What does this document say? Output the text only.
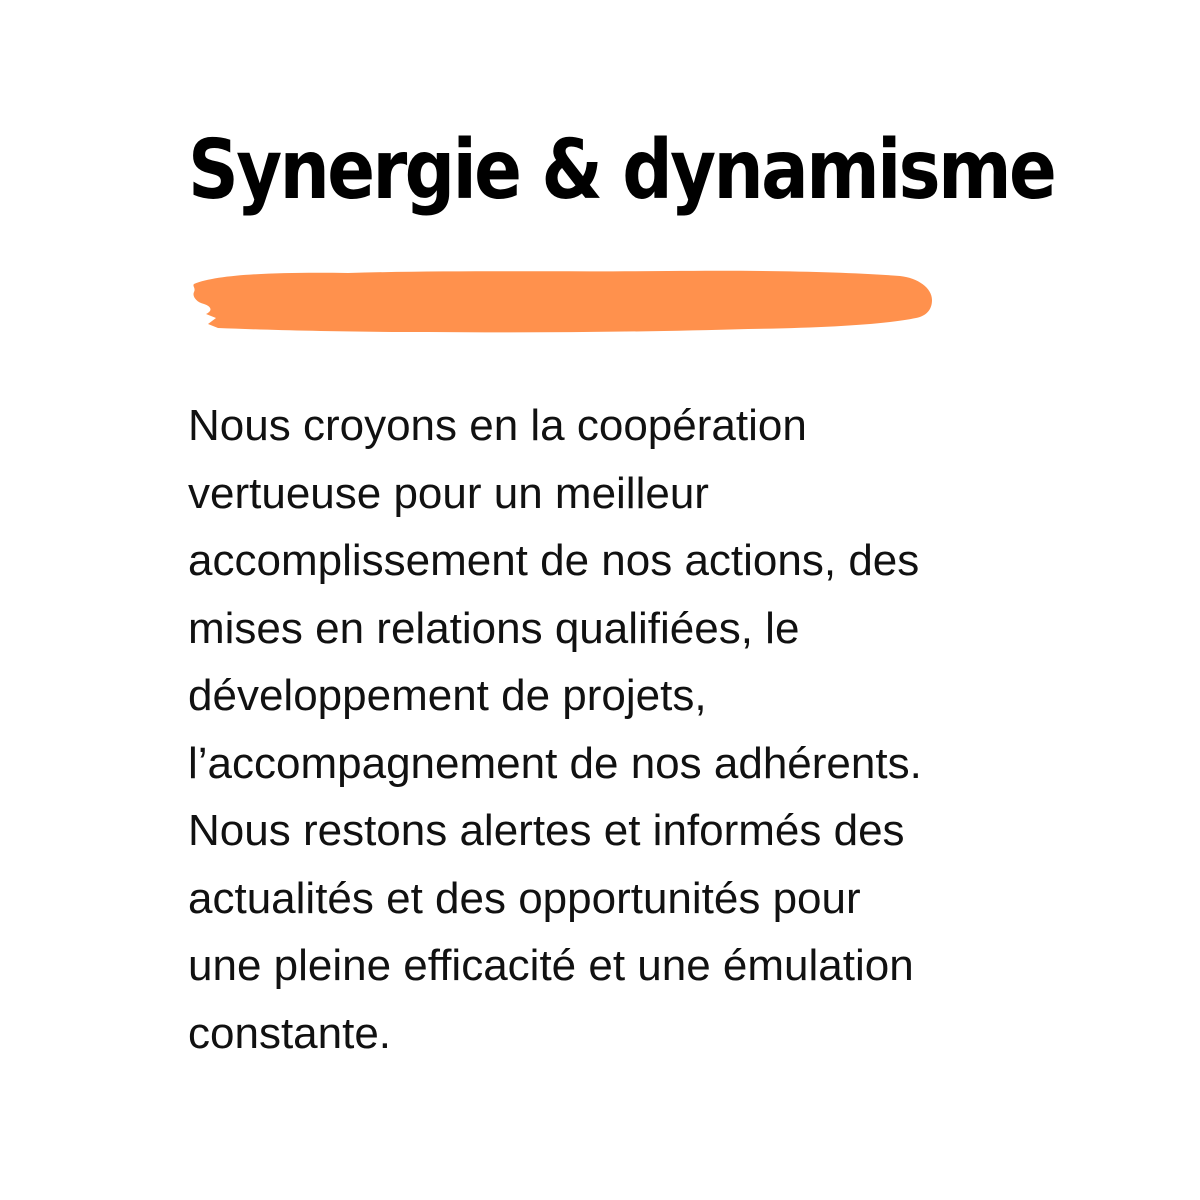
Synergie & dynamisme

Nous croyons en la coopération
vertueuse pour un meilleur
accomplissement de nos actions, des
mises en relations qualifiées, le
développement de projets,
l’accompagnement de nos adhérents.
Nous restons alertes et informés des
actualités et des opportunités pour
une pleine efficacité et une émulation
constante.
